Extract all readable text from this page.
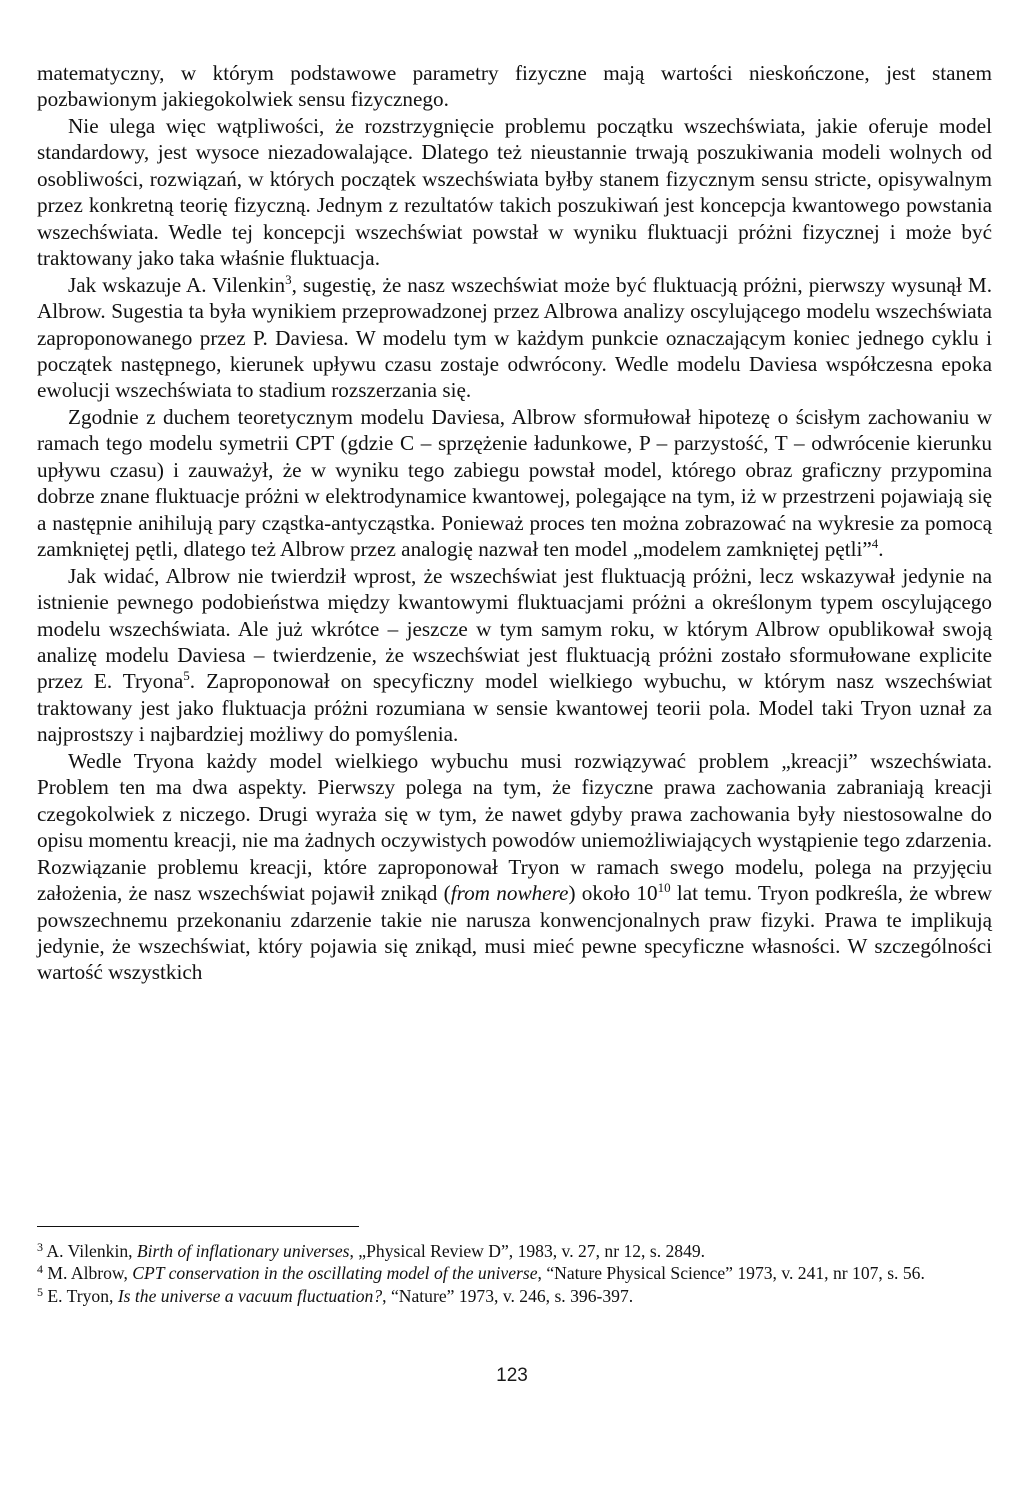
matematyczny, w którym podstawowe parametry fizyczne mają wartości nieskończone, jest stanem pozbawionym jakiegokolwiek sensu fizycznego.

Nie ulega więc wątpliwości, że rozstrzygnięcie problemu początku wszechświata, jakie oferuje model standardowy, jest wysoce niezadowalające. Dlatego też nieustannie trwają poszukiwania modeli wolnych od osobliwości, rozwiązań, w których początek wszechświata byłby stanem fizycznym sensu stricte, opisywalnym przez konkretną teorię fizyczną. Jednym z rezultatów takich poszukiwań jest koncepcja kwantowego powstania wszechświata. Wedle tej koncepcji wszechświat powstał w wyniku fluktuacji próżni fizycznej i może być traktowany jako taka właśnie fluktuacja.

Jak wskazuje A. Vilenkin$^3$, sugestię, że nasz wszechświat może być fluktuacją próżni, pierwszy wysunął M. Albrow. Sugestia ta była wynikiem przeprowadzonej przez Albrowa analizy oscylującego modelu wszechświata zaproponowanego przez P. Daviesa. W modelu tym w każdym punkcie oznaczającym koniec jednego cyklu i początek następnego, kierunek upływu czasu zostaje odwrócony. Wedle modelu Daviesa współczesna epoka ewolucji wszechświata to stadium rozszerzania się.

Zgodnie z duchem teoretycznym modelu Daviesa, Albrow sformułował hipotezę o ścisłym zachowaniu w ramach tego modelu symetrii CPT (gdzie C – sprzężenie ładunkowe, P – parzystość, T – odwrócenie kierunku upływu czasu) i zauważył, że w wyniku tego zabiegu powstał model, którego obraz graficzny przypomina dobrze znane fluktuacje próżni w elektrodynamice kwantowej, polegające na tym, iż w przestrzeni pojawiają się a następnie anihilują pary cząstka-antycząstka. Ponieważ proces ten można zobrazować na wykresie za pomocą zamkniętej pętli, dlatego też Albrow przez analogię nazwał ten model „modelem zamkniętej pętli”$^4$.

Jak widać, Albrow nie twierdził wprost, że wszechświat jest fluktuacją próżni, lecz wskazywał jedynie na istnienie pewnego podobieństwa między kwantowymi fluktuacjami próżni a określonym typem oscylującego modelu wszechświata. Ale już wkrótce – jeszcze w tym samym roku, w którym Albrow opublikował swoją analizę modelu Daviesa – twierdzenie, że wszechświat jest fluktuacją próżni zostało sformułowane explicite przez E. Tryona$^5$. Zaproponował on specyficzny model wielkiego wybuchu, w którym nasz wszechświat traktowany jest jako fluktuacja próżni rozumiana w sensie kwantowej teorii pola. Model taki Tryon uznał za najprostszy i najbardziej możliwy do pomyślenia.

Wedle Tryona każdy model wielkiego wybuchu musi rozwiązywać problem „kreacji” wszechświata. Problem ten ma dwa aspekty. Pierwszy polega na tym, że fizyczne prawa zachowania zabraniają kreacji czegokolwiek z niczego. Drugi wyraża się w tym, że nawet gdyby prawa zachowania były niestosowalne do opisu momentu kreacji, nie ma żadnych oczywistych powodów uniemożliwiających wystąpienie tego zdarzenia. Rozwiązanie problemu kreacji, które zaproponował Tryon w ramach swego modelu, polega na przyjęciu założenia, że nasz wszechświat pojawił znikąd (from nowhere) około $10^{10}$ lat temu. Tryon podkreśla, że wbrew powszechnemu przekonaniu zdarzenie takie nie narusza konwencjonalnych praw fizyki. Prawa te implikują jedynie, że wszechświat, który pojawia się znikąd, musi mieć pewne specyficzne własności. W szczególności wartość wszystkich

$^3$ A. Vilenkin, Birth of inflationary universes, „Physical Review D”, 1983, v. 27, nr 12, s. 2849.

$^4$ M. Albrow, CPT conservation in the oscillating model of the universe, “Nature Physical Science” 1973, v. 241, nr 107, s. 56.

$^5$ E. Tryon, Is the universe a vacuum fluctuation?, “Nature” 1973, v. 246, s. 396-397.

123
